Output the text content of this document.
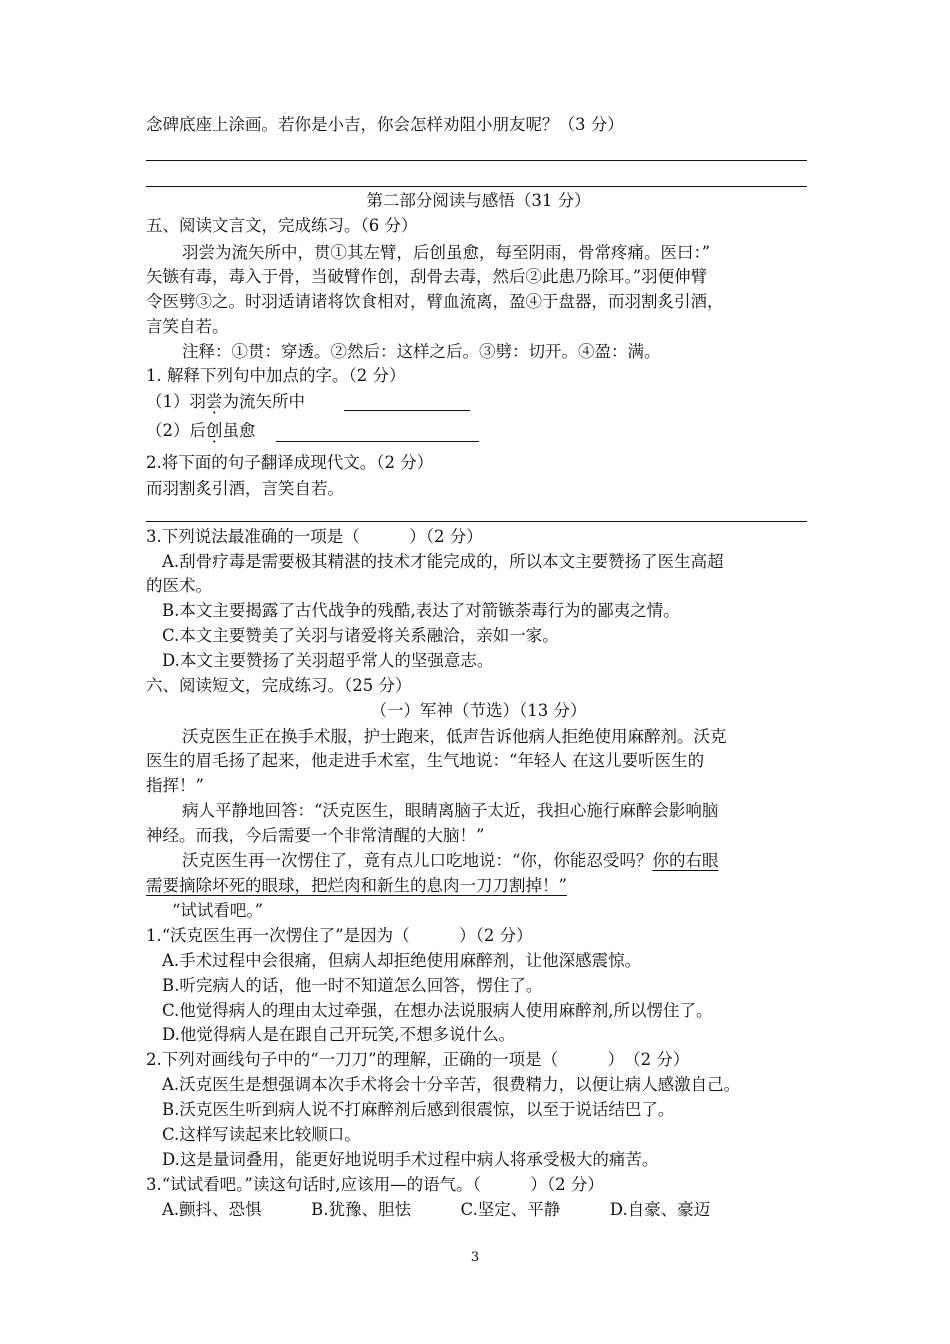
念碑底座上涂画。若你是小吉，你会怎样劝阻小朋友呢？（3 分）
第二部分阅读与感悟（31 分）
五、阅读文言文，完成练习。（6 分）
羽尝为流矢所中，贯①其左臂，后创虽愈，每至阴雨，骨常疼痛。医曰：”
矢镞有毒，毒入于骨，当破臂作创，刮骨去毒，然后②此患乃除耳。”羽便伸臂
令医劈③之。时羽适请诸将饮食相对，臂血流离，盈④于盘器，而羽割炙引酒，
言笑自若。
注释：①贯：穿透。②然后：这样之后。③劈：切开。④盈：满。
1. 解释下列句中加点的字。（2 分）
（1）羽尝为流矢所中
（2）后创虽愈
2.将下面的句子翻译成现代文。（2 分）
而羽割炙引酒，言笑自若。
3.下列说法最准确的一项是（　　　）（2 分）
A.刮骨疗毒是需要极其精湛的技术才能完成的，所以本文主要赞扬了医生高超
的医术。
B.本文主要揭露了古代战争的残酷,表达了对箭镞荼毒行为的鄙夷之情。
C.本文主要赞美了关羽与诸爱将关系融洽，亲如一家。
D.本文主要赞扬了关羽超乎常人的坚强意志。
六、阅读短文，完成练习。（25 分）
（一）军神（节选）（13 分）
沃克医生正在换手术服，护士跑来，低声告诉他病人拒绝使用麻醉剂。沃克
医生的眉毛扬了起来，他走进手术室，生气地说：“年轻人 在这儿要听医生的
指挥！”
病人平静地回答：“沃克医生，眼睛离脑子太近，我担心施行麻醉会影响脑
神经。而我，今后需要一个非常清醒的大脑！”
沃克医生再一次愣住了，竟有点儿口吃地说：“你，你能忍受吗？你的右眼
需要摘除坏死的眼球，把烂肉和新生的息肉一刀刀割掉！”
“试试看吧。”
1.“沃克医生再一次愣住了”是因为（　　　）（2 分）
A.手术过程中会很痛，但病人却拒绝使用麻醉剂，让他深感震惊。
B.听完病人的话，他一时不知道怎么回答，愣住了。
C.他觉得病人的理由太过牵强，在想办法说服病人使用麻醉剂,所以愣住了。
D.他觉得病人是在跟自己开玩笑,不想多说什么。
2.下列对画线句子中的“一刀刀”的理解，正确的一项是（　　　）　（2 分）
A.沃克医生是想强调本次手术将会十分辛苦，很费精力，以便让病人感激自己。
B.沃克医生听到病人说不打麻醉剂后感到很震惊，以至于说话结巴了。
C.这样写读起来比较顺口。
D.这是量词叠用，能更好地说明手术过程中病人将承受极大的痛苦。
3.“试试看吧。”读这句话时,应该用—的语气。（　　　）（2 分）
A.颤抖、恐惧　　　B.犹豫、胆怯　　　C.坚定、平静　　　D.自豪、豪迈
3
